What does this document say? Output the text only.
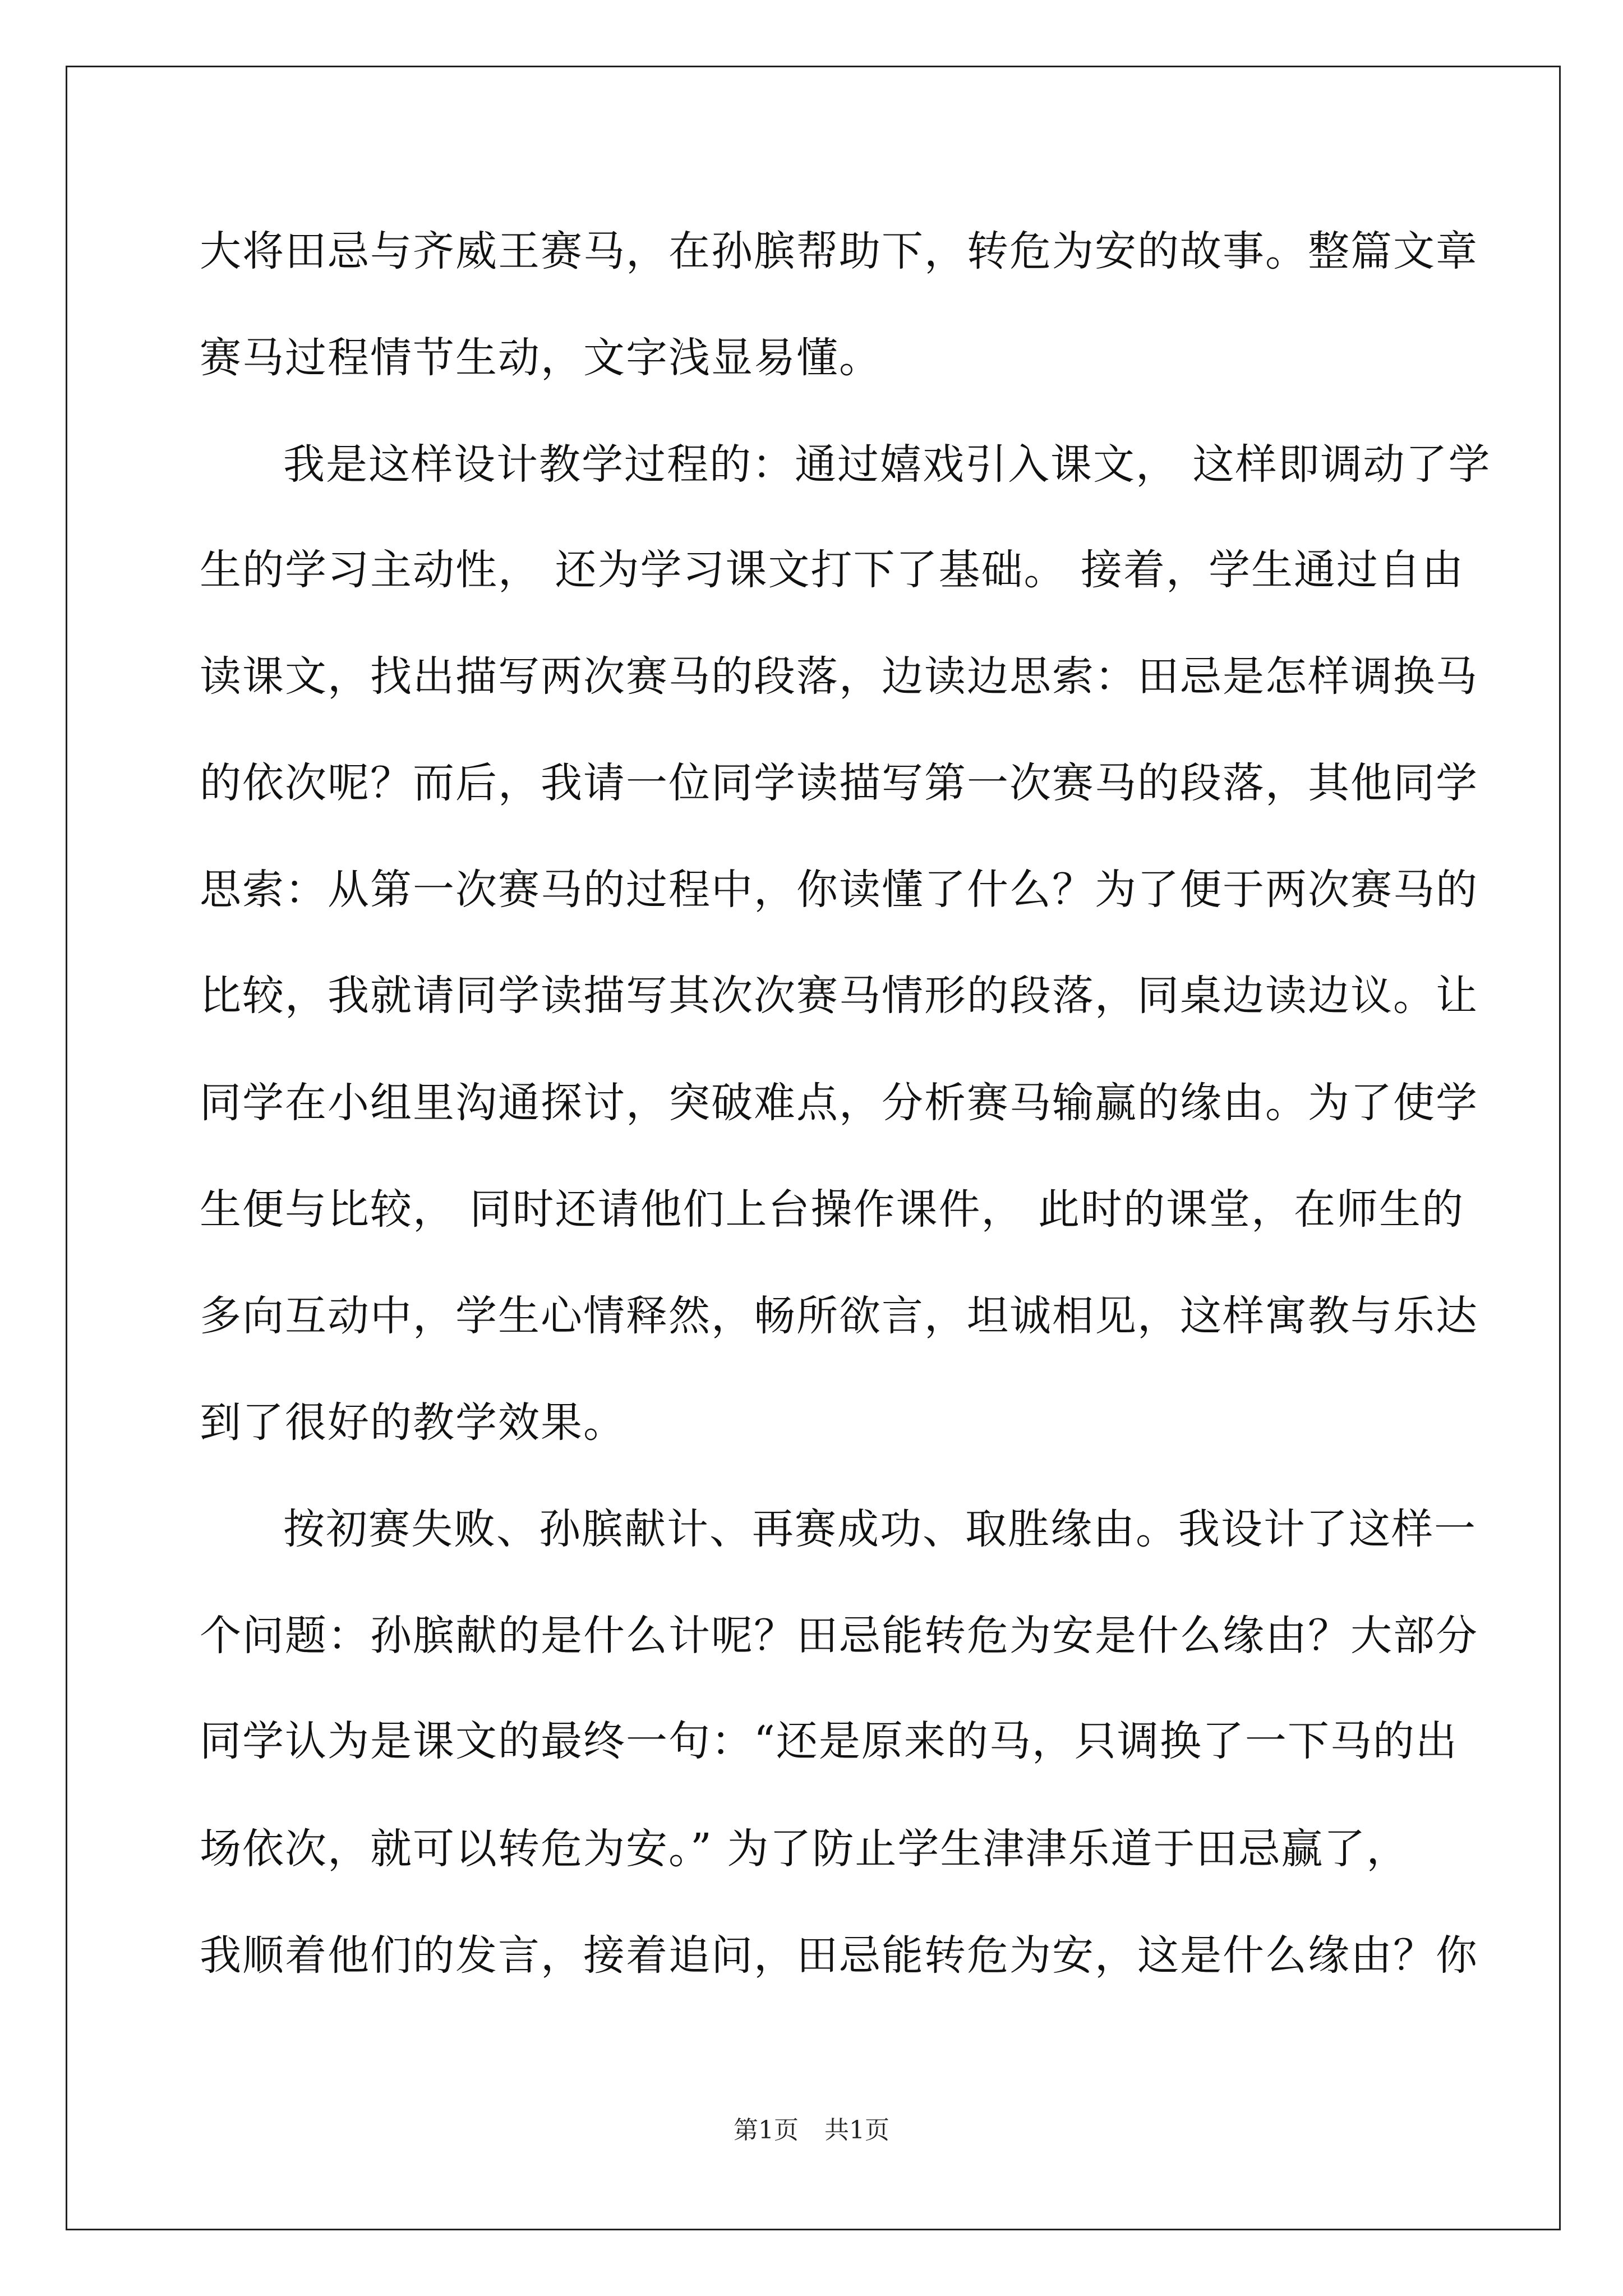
大将田忌与齐威王赛马，在孙膑帮助下，转危为安的故事。整篇文章
赛马过程情节生动，文字浅显易懂。
我是这样设计教学过程的：通过嬉戏引入课文， 这样即调动了学
生的学习主动性， 还为学习课文打下了基础。 接着，学生通过自由
读课文，找出描写两次赛马的段落，边读边思索：田忌是怎样调换马
的依次呢？而后，我请一位同学读描写第一次赛马的段落，其他同学
思索：从第一次赛马的过程中，你读懂了什么？为了便于两次赛马的
比较，我就请同学读描写其次次赛马情形的段落，同桌边读边议。让
同学在小组里沟通探讨，突破难点，分析赛马输赢的缘由。为了使学
生便与比较， 同时还请他们上台操作课件， 此时的课堂，在师生的
多向互动中，学生心情释然，畅所欲言，坦诚相见，这样寓教与乐达
到了很好的教学效果。
按初赛失败、孙膑献计、再赛成功、取胜缘由。我设计了这样一
个问题：孙膑献的是什么计呢？田忌能转危为安是什么缘由？大部分
同学认为是课文的最终一句：“还是原来的马，只调换了一下马的出
场依次，就可以转危为安。” 为了防止学生津津乐道于田忌赢了，
我顺着他们的发言，接着追问，田忌能转危为安，这是什么缘由？你
第1页 共1页
